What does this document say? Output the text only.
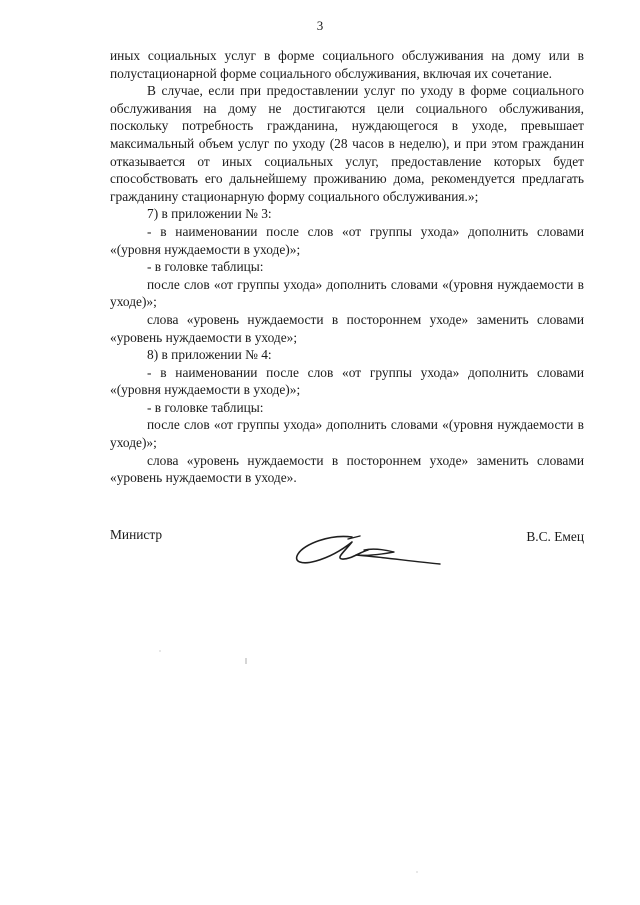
3

иных социальных услуг в форме социального обслуживания на дому или в полустационарной форме социального обслуживания, включая их сочетание.

В случае, если при предоставлении услуг по уходу в форме социального обслуживания на дому не достигаются цели социального обслуживания, поскольку потребность гражданина, нуждающегося в уходе, превышает максимальный объем услуг по уходу (28 часов в неделю), и при этом гражданин отказывается от иных социальных услуг, предоставление которых будет способствовать его дальнейшему проживанию дома, рекомендуется предлагать гражданину стационарную форму социального обслуживания.»;

7) в приложении № 3:

- в наименовании после слов «от группы ухода» дополнить словами «(уровня нуждаемости в уходе)»;

- в головке таблицы:

после слов «от группы ухода» дополнить словами «(уровня нуждаемости в уходе)»;

слова «уровень нуждаемости в постороннем уходе» заменить словами «уровень нуждаемости в уходе»;

8) в приложении № 4:

- в наименовании после слов «от группы ухода» дополнить словами «(уровня нуждаемости в уходе)»;

- в головке таблицы:

после слов «от группы ухода» дополнить словами «(уровня нуждаемости в уходе)»;

слова «уровень нуждаемости в постороннем уходе» заменить словами «уровень нуждаемости в уходе».

Министр	В.С. Емец
